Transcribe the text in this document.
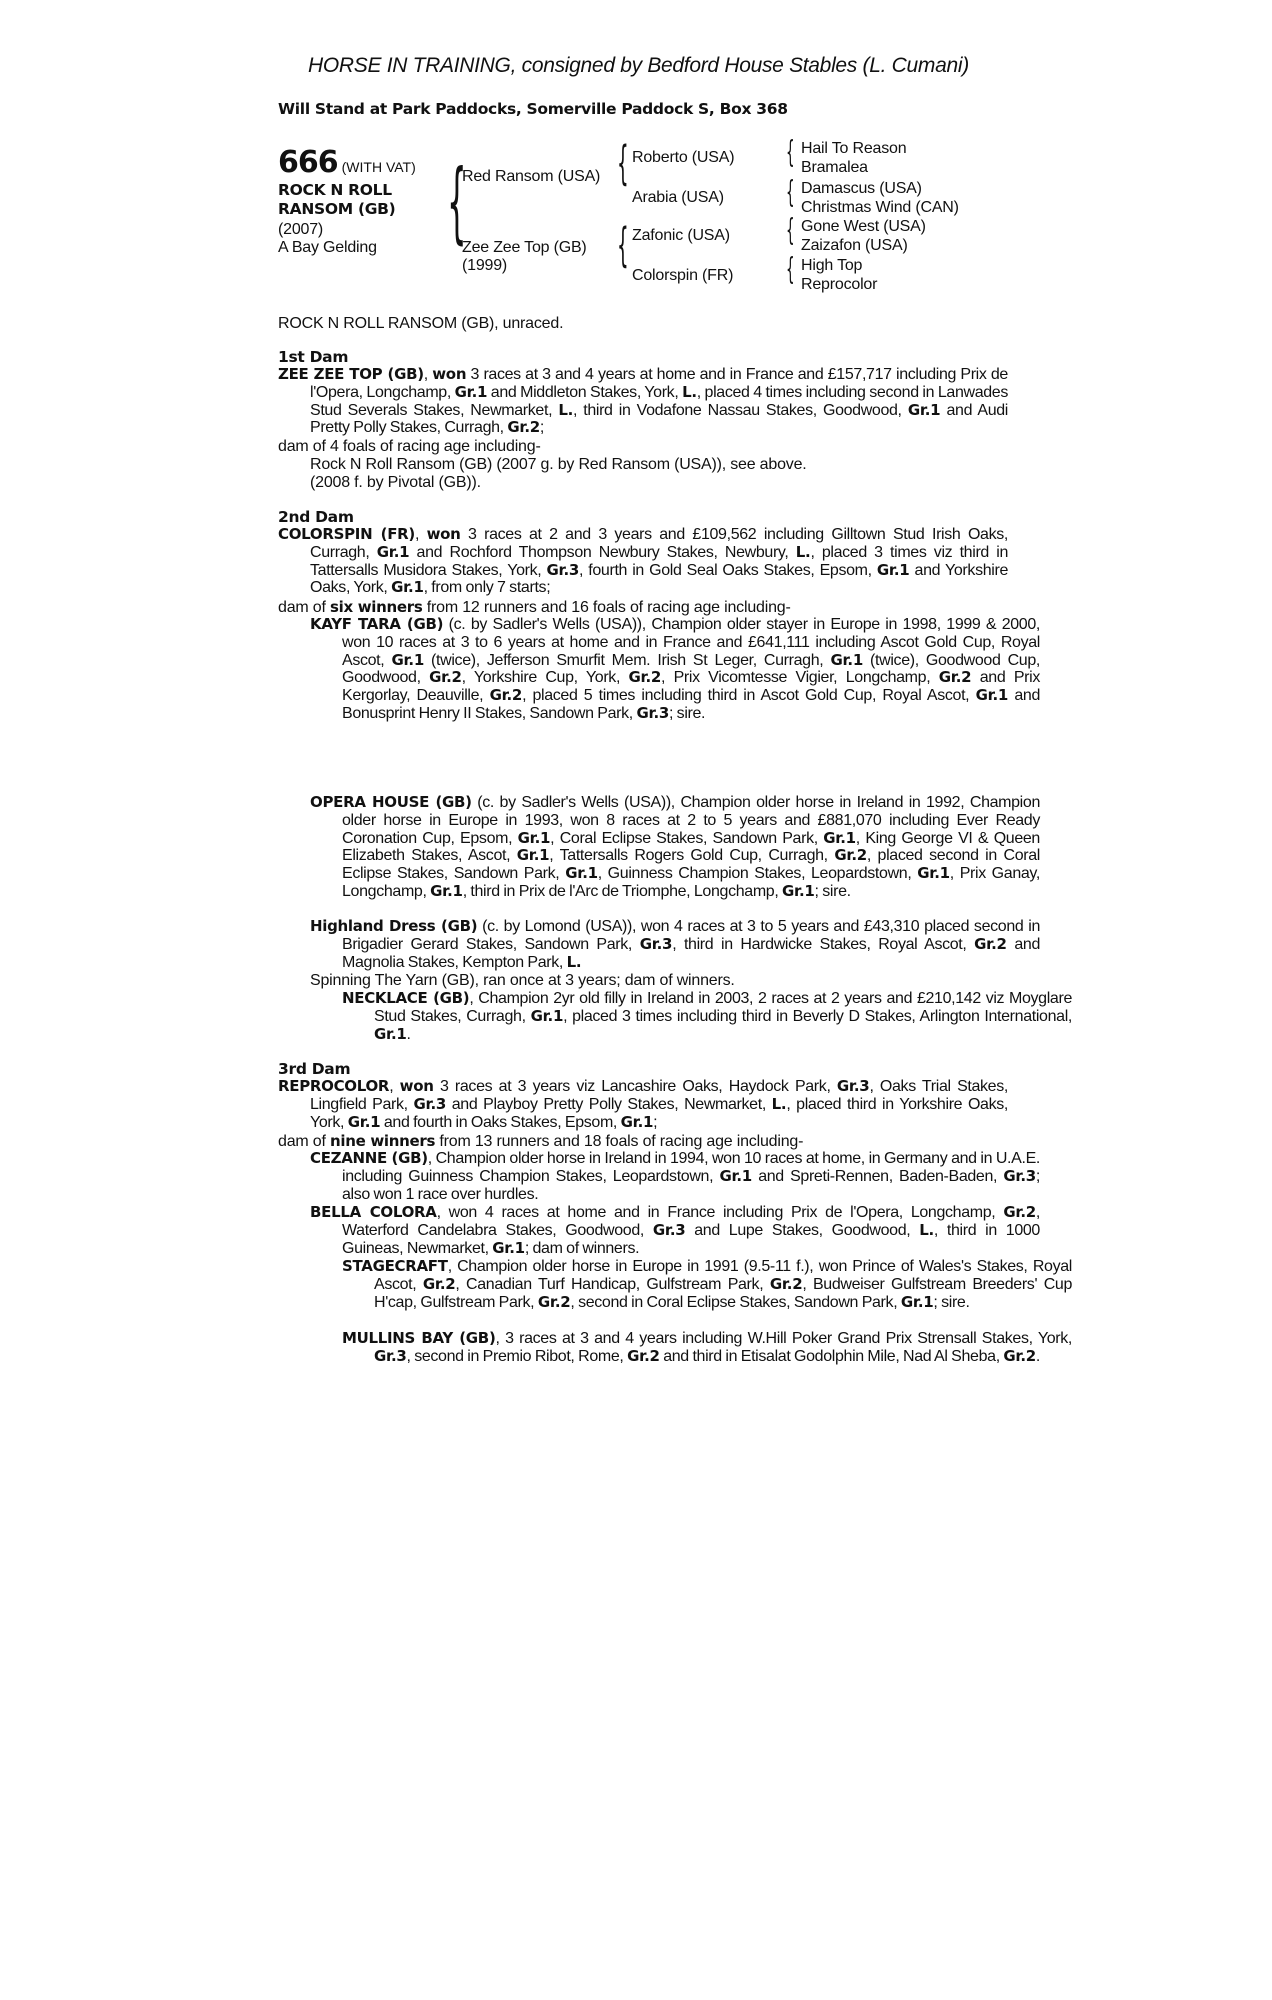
HORSE IN TRAINING, consigned by Bedford House Stables (L. Cumani)
Will Stand at Park Paddocks, Somerville Paddock S, Box 368
666 (WITH VAT)
ROCK N ROLL
RANSOM (GB)
(2007)
A Bay Gelding {
Red Ransom (USA)
Zee Zee Top (GB)
(1999)
{
{
Roberto (USA)
Arabia (USA)
Zafonic (USA)
Colorspin (FR)
{
{
{
{
Hail To Reason
Bramalea
Damascus (USA)
Christmas Wind (CAN)
Gone West (USA)
Zaizafon (USA)
High Top
Reprocolor
ROCK N ROLL RANSOM (GB), unraced.
1st Dam
ZEE ZEE TOP (GB), won 3 races at 3 and 4 years at home and in France and £157,717 including Prix de l'Opera, Longchamp, Gr.1 and Middleton Stakes, York, L., placed 4 times including second in Lanwades Stud Severals Stakes, Newmarket, L., third in Vodafone Nassau Stakes, Goodwood, Gr.1 and Audi Pretty Polly Stakes, Curragh, Gr.2;
dam of 4 foals of racing age including-
Rock N Roll Ransom (GB) (2007 g. by Red Ransom (USA)), see above.
(2008 f. by Pivotal (GB)).
2nd Dam
COLORSPIN (FR), won 3 races at 2 and 3 years and £109,562 including Gilltown Stud Irish Oaks, Curragh, Gr.1 and Rochford Thompson Newbury Stakes, Newbury, L., placed 3 times viz third in Tattersalls Musidora Stakes, York, Gr.3, fourth in Gold Seal Oaks Stakes, Epsom, Gr.1 and Yorkshire Oaks, York, Gr.1, from only 7 starts;
dam of six winners from 12 runners and 16 foals of racing age including-
KAYF TARA (GB) (c. by Sadler's Wells (USA)), Champion older stayer in Europe in 1998, 1999 & 2000, won 10 races at 3 to 6 years at home and in France and £641,111 including Ascot Gold Cup, Royal Ascot, Gr.1 (twice), Jefferson Smurfit Mem. Irish St Leger, Curragh, Gr.1 (twice), Goodwood Cup, Goodwood, Gr.2, Yorkshire Cup, York, Gr.2, Prix Vicomtesse Vigier, Longchamp, Gr.2 and Prix Kergorlay, Deauville, Gr.2, placed 5 times including third in Ascot Gold Cup, Royal Ascot, Gr.1 and Bonusprint Henry II Stakes, Sandown Park, Gr.3; sire.
OPERA HOUSE (GB) (c. by Sadler's Wells (USA)), Champion older horse in Ireland in 1992, Champion older horse in Europe in 1993, won 8 races at 2 to 5 years and £881,070 including Ever Ready Coronation Cup, Epsom, Gr.1, Coral Eclipse Stakes, Sandown Park, Gr.1, King George VI & Queen Elizabeth Stakes, Ascot, Gr.1, Tattersalls Rogers Gold Cup, Curragh, Gr.2, placed second in Coral Eclipse Stakes, Sandown Park, Gr.1, Guinness Champion Stakes, Leopardstown, Gr.1, Prix Ganay, Longchamp, Gr.1, third in Prix de l'Arc de Triomphe, Longchamp, Gr.1; sire.
Highland Dress (GB) (c. by Lomond (USA)), won 4 races at 3 to 5 years and £43,310 placed second in Brigadier Gerard Stakes, Sandown Park, Gr.3, third in Hardwicke Stakes, Royal Ascot, Gr.2 and Magnolia Stakes, Kempton Park, L.
Spinning The Yarn (GB), ran once at 3 years; dam of winners.
NECKLACE (GB), Champion 2yr old filly in Ireland in 2003, 2 races at 2 years and £210,142 viz Moyglare Stud Stakes, Curragh, Gr.1, placed 3 times including third in Beverly D Stakes, Arlington International, Gr.1.
3rd Dam
REPROCOLOR, won 3 races at 3 years viz Lancashire Oaks, Haydock Park, Gr.3, Oaks Trial Stakes, Lingfield Park, Gr.3 and Playboy Pretty Polly Stakes, Newmarket, L., placed third in Yorkshire Oaks, York, Gr.1 and fourth in Oaks Stakes, Epsom, Gr.1;
dam of nine winners from 13 runners and 18 foals of racing age including-
CEZANNE (GB), Champion older horse in Ireland in 1994, won 10 races at home, in Germany and in U.A.E. including Guinness Champion Stakes, Leopardstown, Gr.1 and Spreti-Rennen, Baden-Baden, Gr.3; also won 1 race over hurdles.
BELLA COLORA, won 4 races at home and in France including Prix de l'Opera, Longchamp, Gr.2, Waterford Candelabra Stakes, Goodwood, Gr.3 and Lupe Stakes, Goodwood, L., third in 1000 Guineas, Newmarket, Gr.1; dam of winners.
STAGECRAFT, Champion older horse in Europe in 1991 (9.5-11 f.), won Prince of Wales's Stakes, Royal Ascot, Gr.2, Canadian Turf Handicap, Gulfstream Park, Gr.2, Budweiser Gulfstream Breeders' Cup H'cap, Gulfstream Park, Gr.2, second in Coral Eclipse Stakes, Sandown Park, Gr.1; sire.
MULLINS BAY (GB), 3 races at 3 and 4 years including W.Hill Poker Grand Prix Strensall Stakes, York, Gr.3, second in Premio Ribot, Rome, Gr.2 and third in Etisalat Godolphin Mile, Nad Al Sheba, Gr.2.
